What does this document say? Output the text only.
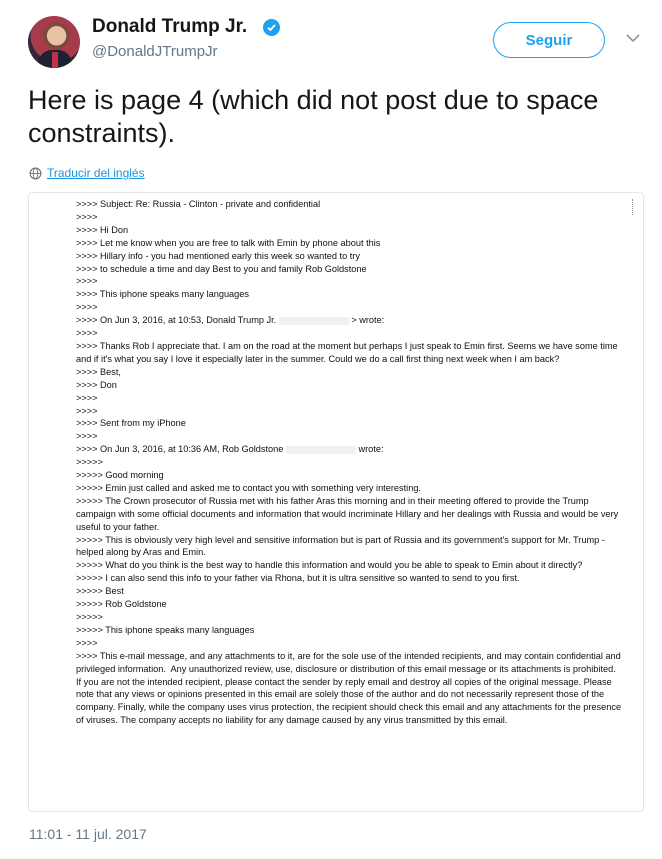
Donald Trump Jr.
@DonaldJTrumpJr
Seguir
Here is page 4 (which did not post due to space constraints).
Traducir del inglés
>>>> Subject: Re: Russia - Clinton - private and confidential
>>>>
>>>> Hi Don
>>>> Let me know when you are free to talk with Emin by phone about this
>>>> Hillary info - you had mentioned early this week so wanted to try
>>>> to schedule a time and day Best to you and family Rob Goldstone
>>>>
>>>> This iphone speaks many languages
>>>>
>>>> On Jun 3, 2016, at 10:53, Donald Trump Jr.	> wrote:
>>>>
>>>> Thanks Rob I appreciate that. I am on the road at the moment but perhaps I just speak to Emin first. Seems we have some time and if it's what you say I love it especially later in the summer. Could we do a call first thing next week when I am back?
>>>> Best,
>>>> Don
>>>>
>>>>
>>>> Sent from my iPhone
>>>>
>>>> On Jun 3, 2016, at 10:36 AM, Rob Goldstone	wrote:
>>>>>
>>>>> Good morning
>>>>> Emin just called and asked me to contact you with something very interesting.
>>>>> The Crown prosecutor of Russia met with his father Aras this morning and in their meeting offered to provide the Trump campaign with some official documents and information that would incriminate Hillary and her dealings with Russia and would be very useful to your father.
>>>>> This is obviously very high level and sensitive information but is part of Russia and its government's support for Mr. Trump - helped along by Aras and Emin.
>>>>> What do you think is the best way to handle this information and would you be able to speak to Emin about it directly?
>>>>> I can also send this info to your father via Rhona, but it is ultra sensitive so wanted to send to you first.
>>>>> Best
>>>>> Rob Goldstone
>>>>>
>>>>> This iphone speaks many languages
>>>>
>>>> This e-mail message, and any attachments to it, are for the sole use of the intended recipients, and may contain confidential and privileged information.  Any unauthorized review, use, disclosure or distribution of this email message or its attachments is prohibited.  If you are not the intended recipient, please contact the sender by reply email and destroy all copies of the original message. Please note that any views or opinions presented in this email are solely those of the author and do not necessarily represent those of the company. Finally, while the company uses virus protection, the recipient should check this email and any attachments for the presence of viruses. The company accepts no liability for any damage caused by any virus transmitted by this email.
11:01 - 11 jul. 2017
